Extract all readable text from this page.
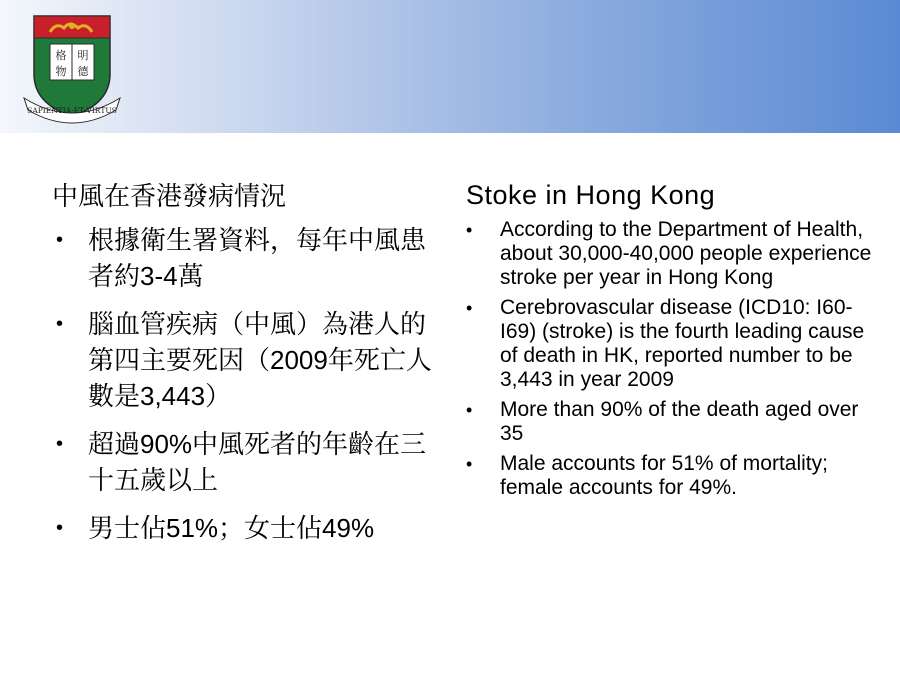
格 明
物 德
SAPIENTIA·ET·VIRTUS
中風在香港發病情況
• 根據衛生署資料，每年中風患者約3-4萬
• 腦血管疾病（中風）為港人的第四主要死因（2009年死亡人數是3,443）
• 超過90%中風死者的年齡在三十五歲以上
• 男士佔51%；女士佔49%
Stoke in Hong Kong
• According to the Department of Health, about 30,000-40,000 people experience stroke per year in Hong Kong
• Cerebrovascular disease (ICD10: I60-I69) (stroke) is the fourth leading cause of death in HK, reported number to be 3,443 in year 2009
• More than 90% of the death aged over 35
• Male accounts for 51% of mortality; female accounts for 49%.
